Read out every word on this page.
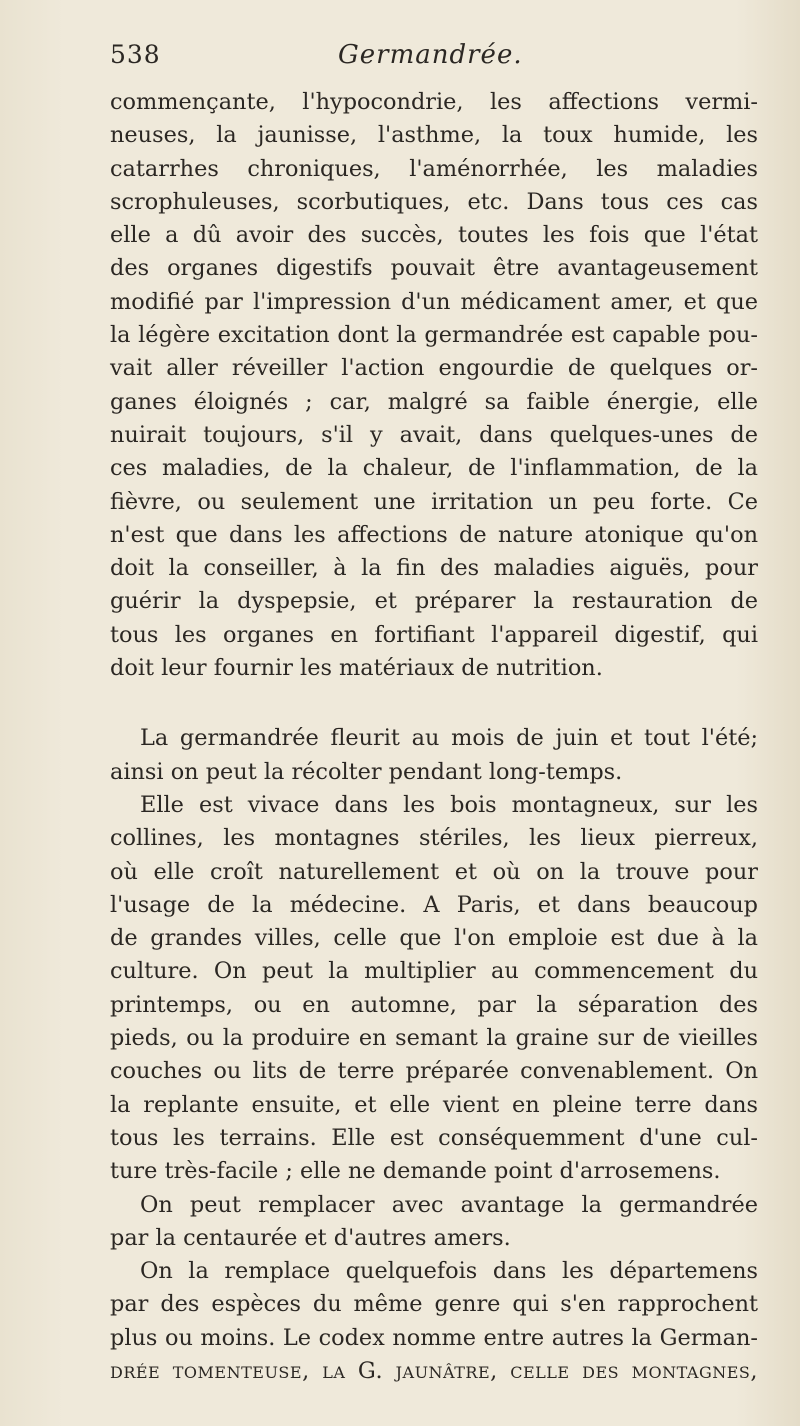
538	Germandrée.
commençante, l'hypocondrie, les affections vermi-
neuses, la jaunisse, l'asthme, la toux humide, les
catarrhes chroniques, l'aménorrhée, les maladies
scrophuleuses, scorbutiques, etc. Dans tous ces cas
elle a dû avoir des succès, toutes les fois que l'état
des organes digestifs pouvait être avantageusement
modifié par l'impression d'un médicament amer, et que
la légère excitation dont la germandrée est capable pou-
vait aller réveiller l'action engourdie de quelques or-
ganes éloignés ; car, malgré sa faible énergie, elle
nuirait toujours, s'il y avait, dans quelques-unes de
ces maladies, de la chaleur, de l'inflammation, de la
fièvre, ou seulement une irritation un peu forte. Ce
n'est que dans les affections de nature atonique qu'on
doit la conseiller, à la fin des maladies aiguës, pour
guérir la dyspepsie, et préparer la restauration de
tous les organes en fortifiant l'appareil digestif, qui
doit leur fournir les matériaux de nutrition.
La germandrée fleurit au mois de juin et tout l'été;
ainsi on peut la récolter pendant long-temps.
Elle est vivace dans les bois montagneux, sur les
collines, les montagnes stériles, les lieux pierreux,
où elle croît naturellement et où on la trouve pour
l'usage de la médecine. A Paris, et dans beaucoup
de grandes villes, celle que l'on emploie est due à la
culture. On peut la multiplier au commencement du
printemps, ou en automne, par la séparation des
pieds, ou la produire en semant la graine sur de vieilles
couches ou lits de terre préparée convenablement. On
la replante ensuite, et elle vient en pleine terre dans
tous les terrains. Elle est conséquemment d'une cul-
ture très-facile ; elle ne demande point d'arrosemens.
On peut remplacer avec avantage la germandrée
par la centaurée et d'autres amers.
On la remplace quelquefois dans les départemens
par des espèces du même genre qui s'en rapprochent
plus ou moins. Le codex nomme entre autres la German-
drée tomenteuse, la G. jaunâtre, celle des montagnes,
